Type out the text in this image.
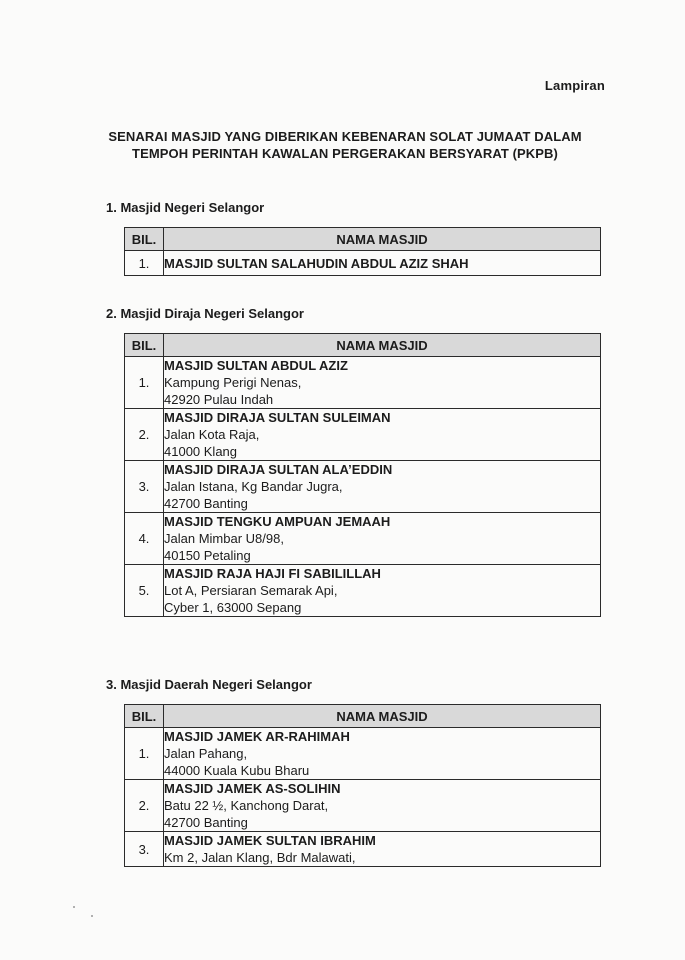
Lampiran
SENARAI MASJID YANG DIBERIKAN KEBENARAN SOLAT JUMAAT DALAM
TEMPOH PERINTAH KAWALAN PERGERAKAN BERSYARAT (PKPB)
1. Masjid Negeri Selangor
BIL.	NAMA MASJID
1.	MASJID SULTAN SALAHUDIN ABDUL AZIZ SHAH
2. Masjid Diraja Negeri Selangor
BIL.	NAMA MASJID
1.	MASJID SULTAN ABDUL AZIZ
Kampung Perigi Nenas,
42920 Pulau Indah

2.	MASJID DIRAJA SULTAN SULEIMAN
Jalan Kota Raja,
41000 Klang

3.	MASJID DIRAJA SULTAN ALA’EDDIN
Jalan Istana, Kg Bandar Jugra,
42700 Banting

4.	MASJID TENGKU AMPUAN JEMAAH
Jalan Mimbar U8/98,
40150 Petaling

5.	MASJID RAJA HAJI FI SABILILLAH
Lot A, Persiaran Semarak Api,
Cyber 1, 63000 Sepang
3. Masjid Daerah Negeri Selangor
BIL.	NAMA MASJID
1.	MASJID JAMEK AR-RAHIMAH
Jalan Pahang,
44000 Kuala Kubu Bharu

2.	MASJID JAMEK AS-SOLIHIN
Batu 22 ½, Kanchong Darat,
42700 Banting

3.	MASJID JAMEK SULTAN IBRAHIM
Km 2, Jalan Klang, Bdr Malawati,
